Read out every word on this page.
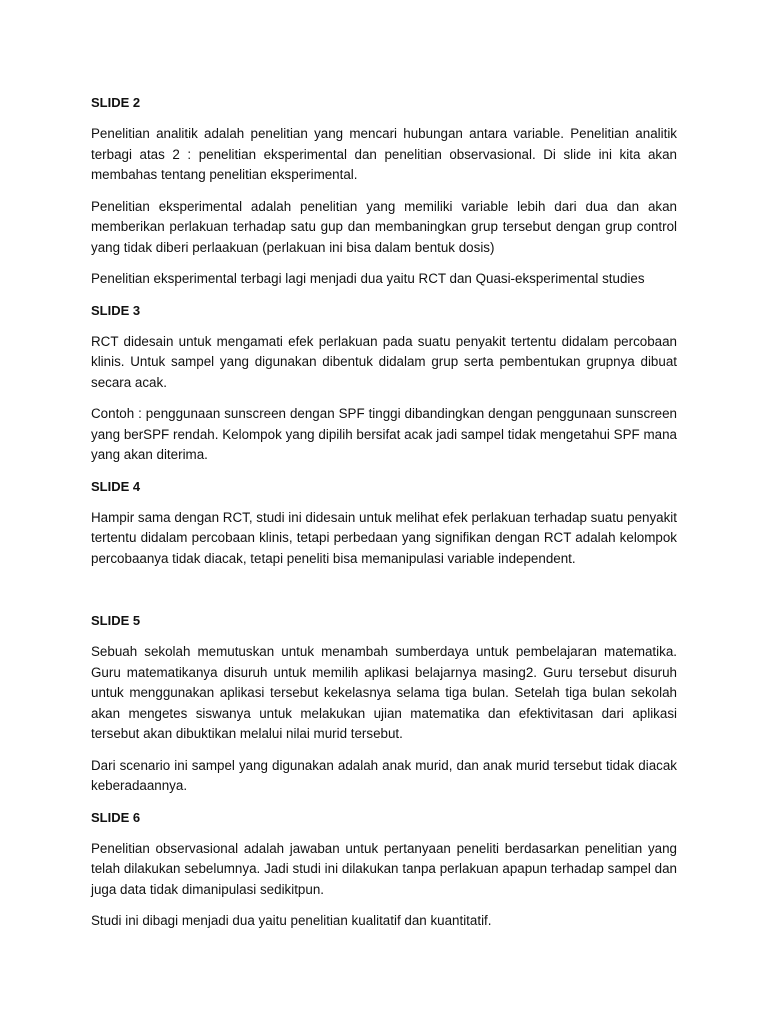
SLIDE 2

Penelitian analitik adalah penelitian yang mencari hubungan antara variable. Penelitian analitik terbagi atas 2 : penelitian eksperimental dan penelitian observasional. Di slide ini kita akan membahas tentang penelitian eksperimental.

Penelitian eksperimental adalah penelitian yang memiliki variable lebih dari dua dan akan memberikan perlakuan terhadap satu gup dan membaningkan grup tersebut dengan grup control yang tidak diberi perlaakuan (perlakuan ini bisa dalam bentuk dosis)

Penelitian eksperimental terbagi lagi menjadi dua yaitu RCT dan Quasi-eksperimental studies

SLIDE 3

RCT didesain untuk mengamati efek perlakuan pada suatu penyakit tertentu didalam percobaan klinis. Untuk sampel yang digunakan dibentuk didalam grup serta pembentukan grupnya dibuat secara acak.

Contoh : penggunaan sunscreen dengan SPF tinggi dibandingkan dengan penggunaan sunscreen yang berSPF rendah. Kelompok yang dipilih bersifat acak jadi sampel tidak mengetahui SPF mana yang akan diterima.

SLIDE 4

Hampir sama dengan RCT, studi ini didesain untuk melihat efek perlakuan terhadap suatu penyakit tertentu didalam percobaan klinis, tetapi perbedaan yang signifikan dengan RCT adalah kelompok percobaanya tidak diacak, tetapi peneliti bisa memanipulasi variable independent.

SLIDE 5

Sebuah sekolah memutuskan untuk menambah sumberdaya untuk pembelajaran matematika. Guru matematikanya disuruh untuk memilih aplikasi belajarnya masing2. Guru tersebut disuruh untuk menggunakan aplikasi tersebut kekelasnya selama tiga bulan. Setelah tiga bulan sekolah akan mengetes siswanya untuk melakukan ujian matematika dan efektivitasan dari aplikasi tersebut akan dibuktikan melalui nilai murid tersebut.

Dari scenario ini sampel yang digunakan adalah anak murid, dan anak murid tersebut tidak diacak keberadaannya.

SLIDE 6

Penelitian observasional adalah jawaban untuk pertanyaan peneliti berdasarkan penelitian yang telah dilakukan sebelumnya. Jadi studi ini dilakukan tanpa perlakuan apapun terhadap sampel dan juga data tidak dimanipulasi sedikitpun.

Studi ini dibagi menjadi dua yaitu penelitian kualitatif dan kuantitatif.
